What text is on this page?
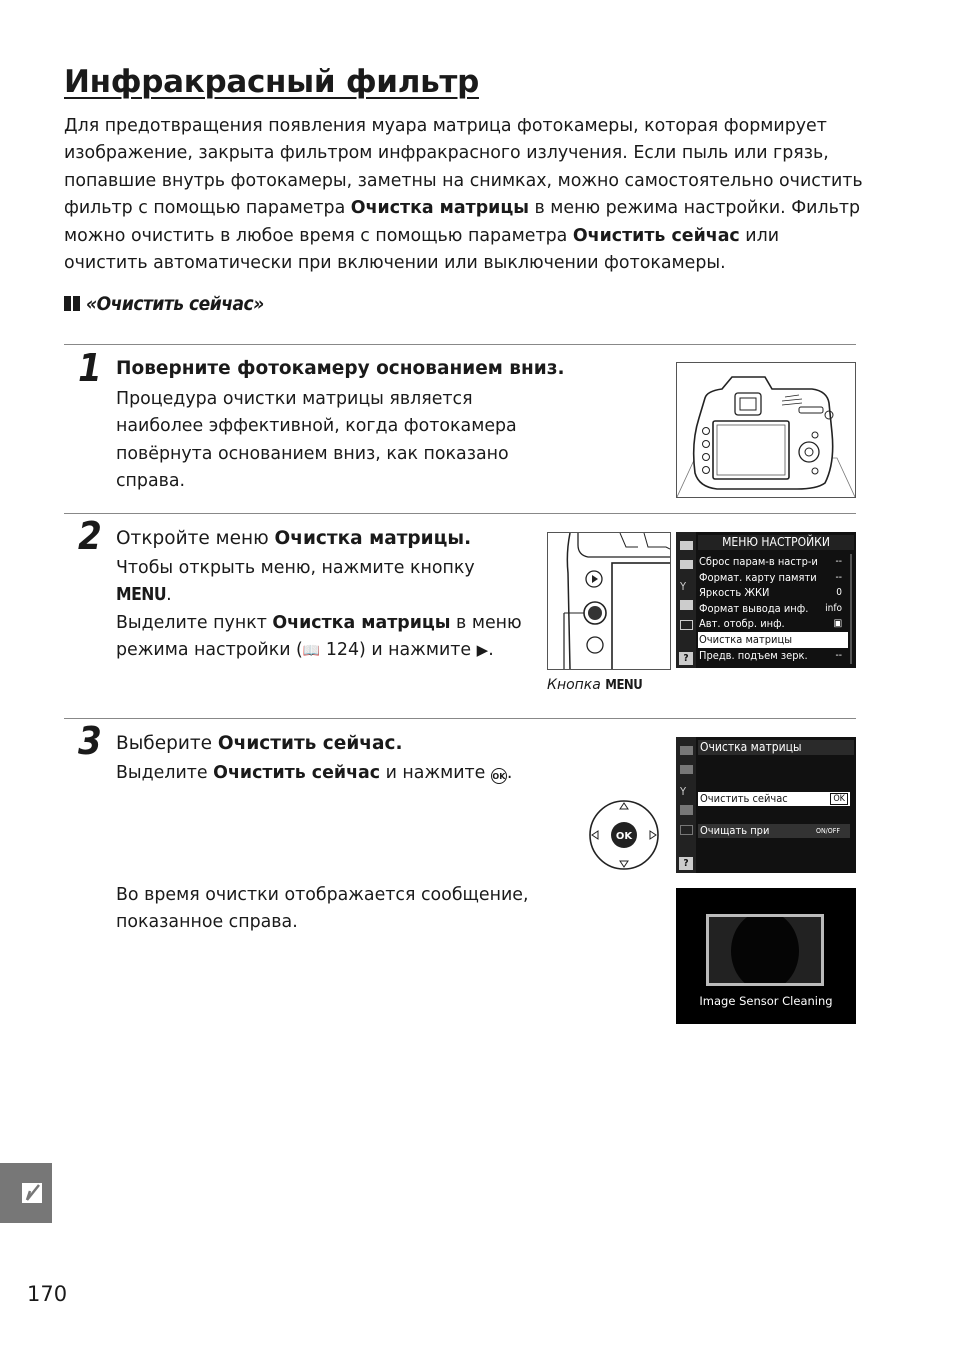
Инфракрасный фильтр

Для предотвращения появления муара матрица фотокамеры, которая формирует изображение, закрыта фильтром инфракрасного излучения. Если пыль или грязь, попавшие внутрь фотокамеры, заметны на снимках, можно самостоятельно очистить фильтр с помощью параметра Очистка матрицы в меню режима настройки. Фильтр можно очистить в любое время с помощью параметра Очистить сейчас или очистить автоматически при включении или выключении фотокамеры.

«Очистить сейчас»
1 Поверните фотокамеру основанием вниз.

Процедура очистки матрицы является наиболее эффективной, когда фотокамера повёрнута основанием вниз, как показано справа.

2 Откройте меню Очистка матрицы.

Чтобы открыть меню, нажмите кнопку MENU.
Выделите пункт Очистка матрицы в меню режима настройки (📖 124) и нажмите ▶.

Y
?
МЕНЮ НАСТРОЙКИ
Сброс парам-в настр-и --
Формат. карту памяти --
Яркость ЖКИ	0
Формат вывода инф. info
Авт. отобр. инф.	▣
Очистка матрицы	--
Предв. подъем зерк.	--
Кнопка MENU
3 Выберите Очистить сейчас.

Выделите Очистить сейчас и нажмите OK.

OK
Y
?
Очистка матрицы
Очистить сейчас	OK
Очищать при	ON/OFF

Во время очистки отображается сообщение, показанное справа.

Image Sensor Cleaning
170
